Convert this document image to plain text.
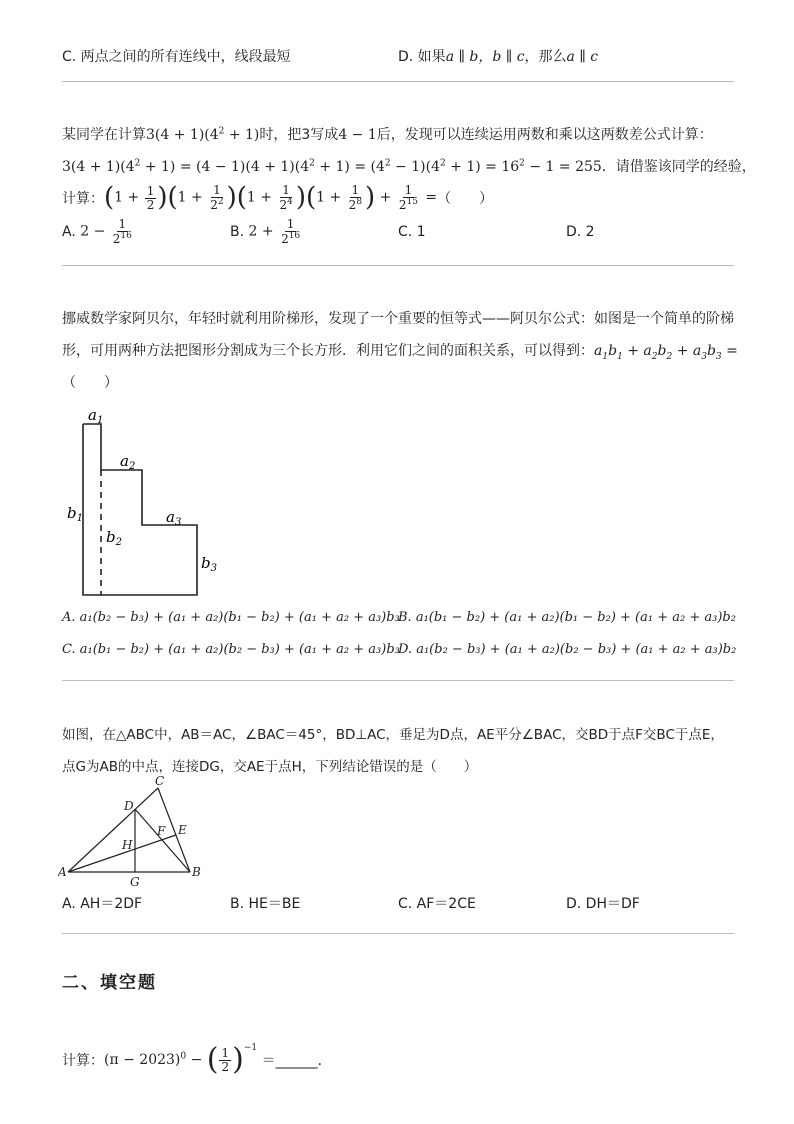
C. 两点之间的所有连线中，线段最短	D. 如果a ∥ b，b ∥ c，那么a ∥ c
某同学在计算$3(4 + 1)(4^2 + 1)$时，把3写成4 − 1后，发现可以连续运用两数和乘以这两数差公式计算：
$3(4 + 1)(4^2 + 1) = (4 - 1)(4 + 1)(4^2 + 1) = (4^2 - 1)(4^2 + 1) = 16^2 - 1 = 255$．请借鉴该同学的经验，
计算： $(1 + \frac{1}{2} )(1 + \frac{1}{2^2} )(1 + \frac{1}{2^4} )(1 + \frac{1}{2^8}$ ) + $\frac{1}{2^{15}}$ = （　　）
A.
$2 - \frac{1}{2^{16}}$	B.
$2 + \frac{1}{2^{16}}$	C. 1	D. 2
挪威数学家阿贝尔，年轻时就利用阶梯形，发现了一个重要的恒等式——阿贝尔公式：如图是一个简单的阶梯
形，可用两种方法把图形分割成为三个长方形．利用它们之间的面积关系，可以得到：$a_1b_1 + a_2b_2 + a_3b_3$ =
（　　）
$a_1$
$a_2$
$a_3$
$b_1$
$b_2$
$b_3$
A. a₁(b₂ − b₃) + (a₁ + a₂)(b₁ − b₂) + (a₁ + a₂ + a₃)b₃
B. a₁(b₁ − b₂) + (a₁ + a₂)(b₁ − b₂) + (a₁ + a₂ + a₃)b₂
C. a₁(b₁ − b₂) + (a₁ + a₂)(b₂ − b₃) + (a₁ + a₂ + a₃)b₃
D. a₁(b₂ − b₃) + (a₁ + a₂)(b₂ − b₃) + (a₁ + a₂ + a₃)b₂
如图，在△ABC中，AB＝AC，∠BAC＝45°，BD⊥AC，垂足为D点，AE平分∠BAC，交BD于点F交BC于点E，
点G为AB的中点，连接DG，交AE于点H，下列结论错误的是（　　）
A	B
C
D
E
F
G
H
A. AH＝2DF	B. HE＝BE	C. AF＝2CE	D. DH＝DF
二、填空题
计算： $(\pi - 2023)^0$ − ( $\frac{1}{2} )^{-1}$
＝______．
